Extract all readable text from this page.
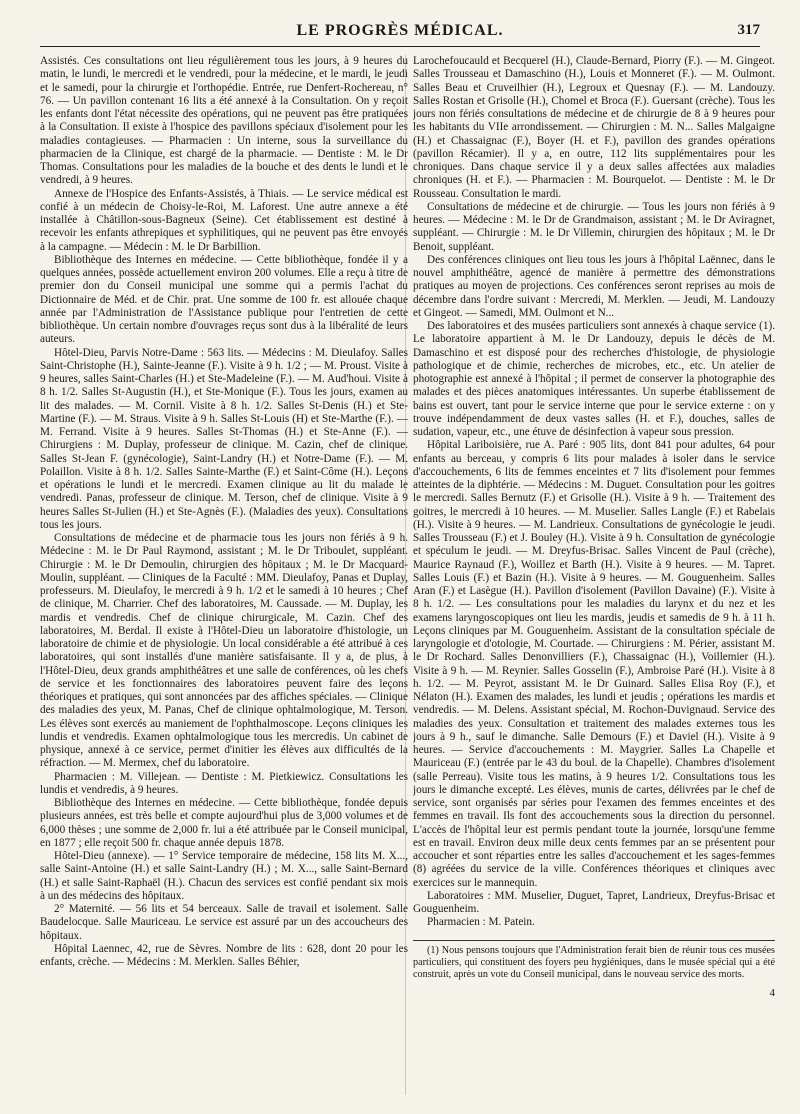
LE PROGRÈS MÉDICAL.	317

Assistés. Ces consultations ont lieu régulièrement tous les jours, à 9 heures du matin, le lundi, le mercredi et le vendredi, pour la médecine, et le mardi, le jeudi et le samedi, pour la chirurgie et l'orthopédie. Entrée, rue Denfert-Rochereau, n° 76. — Un pavillon contenant 16 lits a été annexé à la Consultation. On y reçoit les enfants dont l'état nécessite des opérations, qui ne peuvent pas être pratiquées à la Consultation. Il existe à l'hospice des pavillons spéciaux d'isolement pour les maladies contagieuses. — Pharmacien : Un interne, sous la surveillance du pharmacien de la Clinique, est chargé de la pharmacie. — Dentiste : M. le Dr Thomas. Consultations pour les maladies de la bouche et des dents le lundi et le vendredi, à 9 heures.

Annexe de l'Hospice des Enfants-Assistés, à Thiais. — Le service médical est confié à un médecin de Choisy-le-Roi, M. Laforest. Une autre annexe a été installée à Châtillon-sous-Bagneux (Seine). Cet établissement est destiné à recevoir les enfants athrepiques et syphilitiques, qui ne peuvent pas être envoyés à la campagne. — Médecin : M. le Dr Barbillion.

Bibliothèque des Internes en médecine. — Cette bibliothèque, fondée il y a quelques années, possède actuellement environ 200 volumes. Elle a reçu à titre de premier don du Conseil municipal une somme qui a permis l'achat du Dictionnaire de Méd. et de Chir. prat. Une somme de 100 fr. est allouée chaque année par l'Administration de l'Assistance publique pour l'entretien de cette bibliothèque. Un certain nombre d'ouvrages reçus sont dus à la libéralité de leurs auteurs.

Hôtel-Dieu, Parvis Notre-Dame : 563 lits. — Médecins : M. Dieulafoy. Salles Saint-Christophe (H.), Sainte-Jeanne (F.). Visite à 9 h. 1/2 ; — M. Proust. Visite à 9 heures, salles Saint-Charles (H.) et Ste-Madeleine (F.). — M. Aud'houi. Visite à 8 h. 1/2. Salles St-Augustin (H.), et Ste-Monique (F.). Tous les jours, examen au lit des malades. — M. Cornil. Visite à 8 h. 1/2. Salles St-Denis (H.) et Ste-Martine (F.). — M. Straus. Visite à 9 h. Salles St-Louis (H) et Ste-Marthe (F.). — M. Ferrand. Visite à 9 heures. Salles St-Thomas (H.) et Ste-Anne (F.). — Chirurgiens : M. Duplay, professeur de clinique. M. Cazin, chef de clinique. Salles St-Jean F. (gynécologie), Saint-Landry (H.) et Notre-Dame (F.). — M. Polaillon. Visite à 8 h. 1/2. Salles Sainte-Marthe (F.) et Saint-Côme (H.). Leçons et opérations le lundi et le mercredi. Examen clinique au lit du malade le vendredi. Panas, professeur de clinique. M. Terson, chef de clinique. Visite à 9 heures Salles St-Julien (H.) et Ste-Agnès (F.). (Maladies des yeux). Consultations tous les jours.

Consultations de médecine et de pharmacie tous les jours non fériés à 9 h. Médecine : M. le Dr Paul Raymond, assistant ; M. le Dr Triboulet, suppléant. Chirurgie : M. le Dr Demoulin, chirurgien des hôpitaux ; M. le Dr Macquard-Moulin, suppléant. — Cliniques de la Faculté : MM. Dieulafoy, Panas et Duplay, professeurs. M. Dieulafoy, le mercredi à 9 h. 1/2 et le samedi à 10 heures ; Chef de clinique, M. Charrier. Chef des laboratoires, M. Caussade. — M. Duplay, les mardis et vendredis. Chef de clinique chirurgicale, M. Cazin. Chef des laboratoires, M. Berdal. Il existe à l'Hôtel-Dieu un laboratoire d'histologie, un laboratoire de chimie et de physiologie. Un local considérable a été attribué à ces laboratoires, qui sont installés d'une manière satisfaisante. Il y a, de plus, à l'Hôtel-Dieu, deux grands amphithéâtres et une salle de conférences, où les chefs de service et les fonctionnaires des laboratoires peuvent faire des leçons théoriques et pratiques, qui sont annoncées par des affiches spéciales. — Clinique des maladies des yeux, M. Panas, Chef de clinique ophtalmologique, M. Terson. Les élèves sont exercés au maniement de l'ophthalmoscope. Leçons cliniques les lundis et vendredis. Examen ophtalmologique tous les mercredis. Un cabinet de physique, annexé à ce service, permet d'initier les élèves aux difficultés de la réfraction. — M. Mermex, chef du laboratoire.

Pharmacien : M. Villejean. — Dentiste : M. Pietkiewicz. Consultations les lundis et vendredis, à 9 heures.

Bibliothèque des Internes en médecine. — Cette bibliothèque, fondée depuis plusieurs années, est très belle et compte aujourd'hui plus de 3,000 volumes et de 6,000 thèses ; une somme de 2,000 fr. lui a été attribuée par le Conseil municipal, en 1877 ; elle reçoit 500 fr. chaque année depuis 1878.

Hôtel-Dieu (annexe). — 1° Service temporaire de médecine, 158 lits M. X..., salle Saint-Antoine (H.) et salle Saint-Landry (H.) ; M. X..., salle Saint-Bernard (H.) et salle Saint-Raphaël (H.). Chacun des services est confié pendant six mois à un des médecins des hôpitaux.

2° Maternité. — 56 lits et 54 berceaux. Salle de travail et isolement. Salle Baudelocque. Salle Mauriceau. Le service est assuré par un des accoucheurs des hôpitaux.

Hôpital Laennec, 42, rue de Sèvres. Nombre de lits : 628, dont 20 pour les enfants, crèche. — Médecins : M. Merklen. Salles Béhier,

Larochefoucauld et Becquerel (H.), Claude-Bernard, Piorry (F.). — M. Gingeot. Salles Trousseau et Damaschino (H.), Louis et Monneret (F.). — M. Oulmont. Salles Beau et Cruveilhier (H.), Legroux et Quesnay (F.). — M. Landouzy. Salles Rostan et Grisolle (H.), Chomel et Broca (F.). Guersant (crèche). Tous les jours non fériés consultations de médecine et de chirurgie de 8 à 9 heures pour les habitants du VIIe arrondissement. — Chirurgien : M. N... Salles Malgaigne (H.) et Chassaignac (F.), Boyer (H. et F.), pavillon des grandes opérations (pavillon Récamier). Il y a, en outre, 112 lits supplémentaires pour les chroniques. Dans chaque service il y a deux salles affectées aux maladies chroniques (H. et F.). — Pharmacien : M. Bourquelot. — Dentiste : M. le Dr Rousseau. Consultation le mardi.

Consultations de médecine et de chirurgie. — Tous les jours non fériés à 9 heures. — Médecine : M. le Dr de Grandmaison, assistant ; M. le Dr Aviragnet, suppléant. — Chirurgie : M. le Dr Villemin, chirurgien des hôpitaux ; M. le Dr Benoit, suppléant.

Des conférences cliniques ont lieu tous les jours à l'hôpital Laënnec, dans le nouvel amphithéâtre, agencé de manière à permettre des démonstrations pratiques au moyen de projections. Ces conférences seront reprises au mois de décembre dans l'ordre suivant : Mercredi, M. Merklen. — Jeudi, M. Landouzy et Gingeot. — Samedi, MM. Oulmont et N...

Des laboratoires et des musées particuliers sont annexés à chaque service (1). Le laboratoire appartient à M. le Dr Landouzy, depuis le décès de M. Damaschino et est disposé pour des recherches d'histologie, de physiologie pathologique et de chimie, recherches de microbes, etc., etc. Un atelier de photographie est annexé à l'hôpital ; il permet de conserver la photographie des malades et des pièces anatomiques intéressantes. Un superbe établissement de bains est ouvert, tant pour le service interne que pour le service externe : on y trouve indépendamment de deux vastes salles (H. et F.), douches, salles de sudation, vapeur, etc., une étuve de désinfection à vapeur sous pression.

Hôpital Lariboisière, rue A. Paré : 905 lits, dont 841 pour adultes, 64 pour enfants au berceau, y compris 6 lits pour malades à isoler dans le service d'accouchements, 6 lits de femmes enceintes et 7 lits d'isolement pour femmes atteintes de la diphtérie. — Médecins : M. Duguet. Consultation pour les goitres le mercredi. Salles Bernutz (F.) et Grisolle (H.). Visite à 9 h. — Traitement des goitres, le mercredi à 10 heures. — M. Muselier. Salles Langle (F.) et Rabelais (H.). Visite à 9 heures. — M. Landrieux. Consultations de gynécologie le jeudi. Salles Trousseau (F.) et J. Bouley (H.). Visite à 9 h. Consultation de gynécologie et spéculum le jeudi. — M. Dreyfus-Brisac. Salles Vincent de Paul (crèche), Maurice Raynaud (F.), Woillez et Barth (H.). Visite à 9 heures. — M. Tapret. Salles Louis (F.) et Bazin (H.). Visite à 9 heures. — M. Gouguenheim. Salles Aran (F.) et Lasègue (H.). Pavillon d'isolement (Pavillon Davaine) (F.). Visite à 8 h. 1/2. — Les consultations pour les maladies du larynx et du nez et les examens laryngoscopiques ont lieu les mardis, jeudis et samedis de 9 h. à 11 h. Leçons cliniques par M. Gouguenheim. Assistant de la consultation spéciale de laryngologie et d'otologie, M. Courtade. — Chirurgiens : M. Périer, assistant M. le Dr Rochard. Salles Denonvilliers (F.), Chassaignac (H.), Voillemier (H.). Visite à 9 h. — M. Reynier. Salles Gosselin (F.), Ambroise Paré (H.). Visite à 8 h. 1/2. — M. Peyrot, assistant M. le Dr Guinard. Salles Elisa Roy (F.), et Nélaton (H.). Examen des malades, les lundi et jeudis ; opérations les mardis et vendredis. — M. Delens. Assistant spécial, M. Rochon-Duvignaud. Service des maladies des yeux. Consultation et traitement des malades externes tous les jours à 9 h., sauf le dimanche. Salle Demours (F.) et Daviel (H.). Visite à 9 heures. — Service d'accouchements : M. Maygrier. Salles La Chapelle et Mauriceau (F.) (entrée par le 43 du boul. de la Chapelle). Chambres d'isolement (salle Perreau). Visite tous les matins, à 9 heures 1/2. Consultations tous les jours le dimanche excepté. Les élèves, munis de cartes, délivrées par le chef de service, sont organisés par séries pour l'examen des femmes enceintes et des femmes en travail. Ils font des accouchements sous la direction du personnel. L'accès de l'hôpital leur est permis pendant toute la journée, lorsqu'une femme est en travail. Environ deux mille deux cents femmes par an se présentent pour accoucher et sont réparties entre les salles d'accouchement et les sages-femmes (8) agréées du service de la ville. Conférences théoriques et cliniques avec exercices sur le mannequin.

Laboratoires : MM. Muselier, Duguet, Tapret, Landrieux, Dreyfus-Brisac et Gouguenheim.

Pharmacien : M. Patein.

(1) Nous pensons toujours que l'Administration ferait bien de réunir tous ces musées particuliers, qui constituent des foyers peu hygiéniques, dans le musée spécial qui a été construit, après un vote du Conseil municipal, dans le nouveau service des morts.

4
